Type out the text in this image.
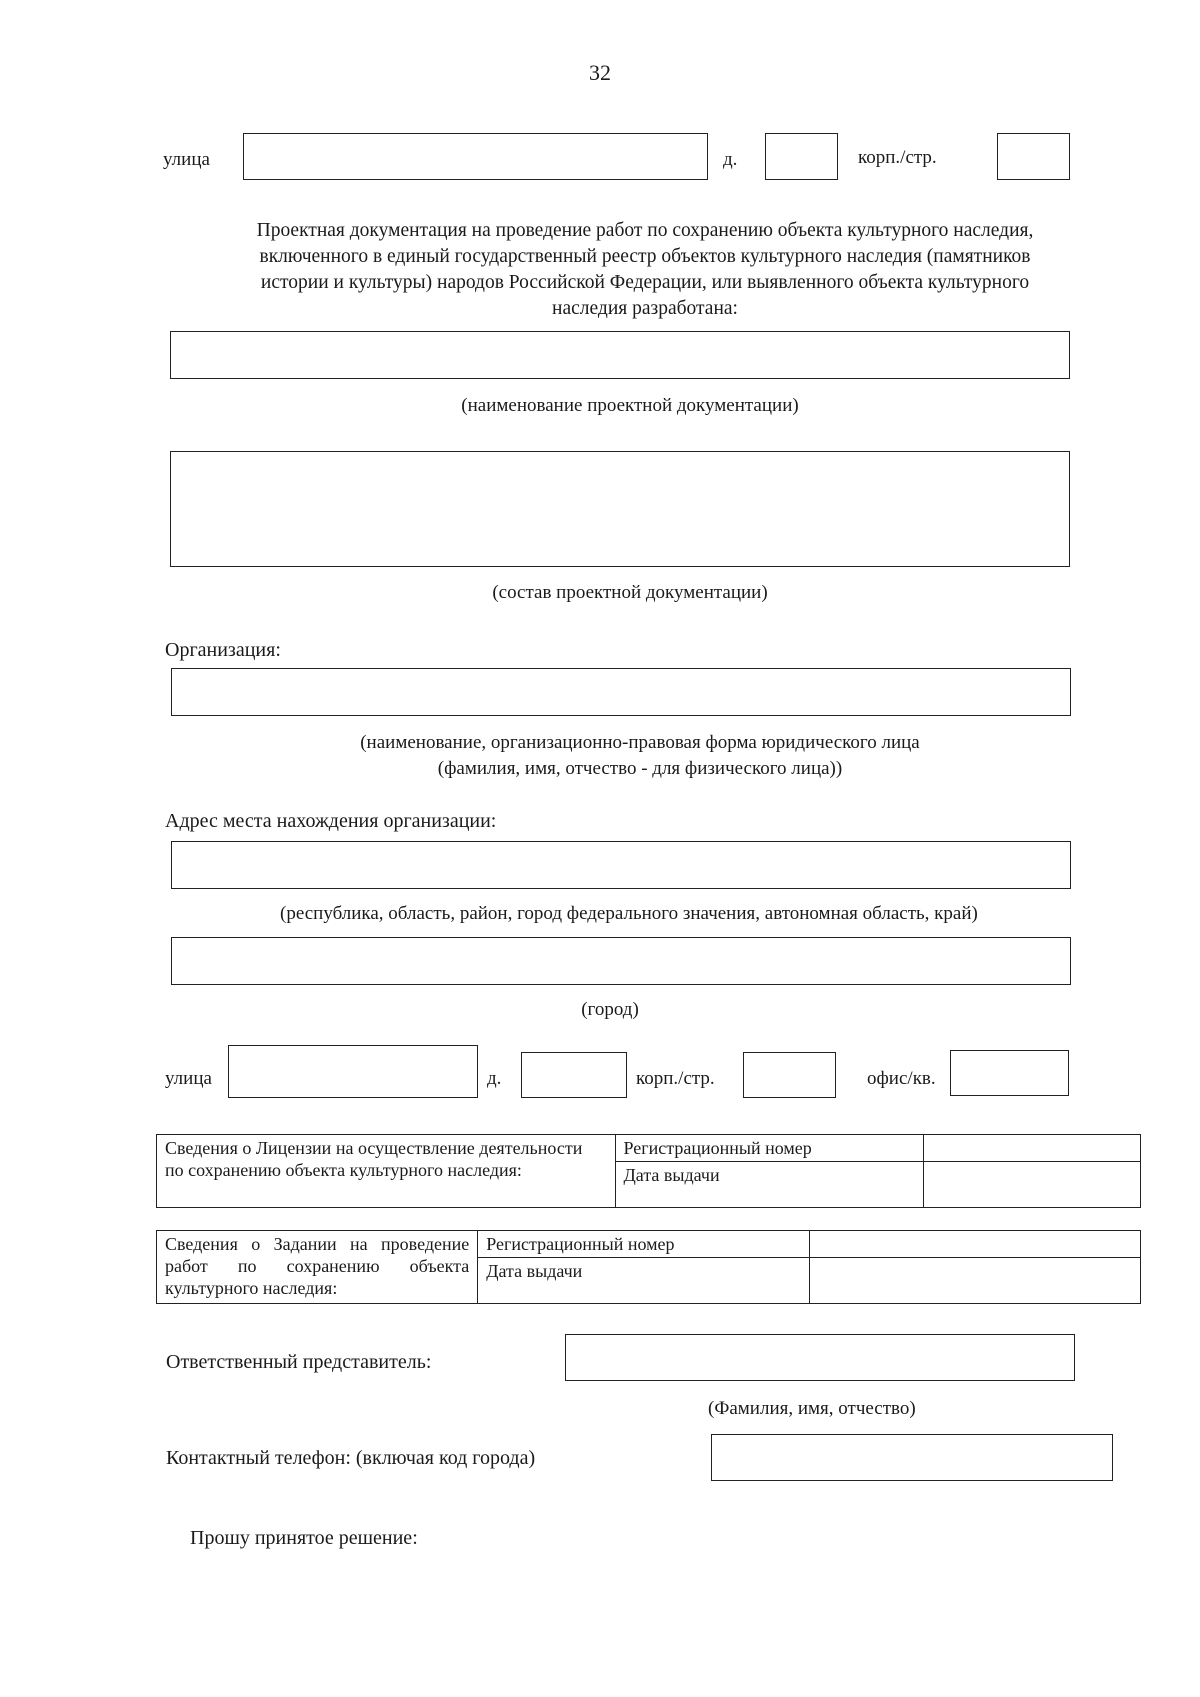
32
улица	д.	корп./стр.
Проектная документация на проведение работ по сохранению объекта культурного наследия, включенного в единый государственный реестр объектов культурного наследия (памятников истории и культуры) народов Российской Федерации, или выявленного объекта культурного наследия разработана:
(наименование проектной документации)
(состав проектной документации)
Организация:
(наименование, организационно-правовая форма юридического лица
(фамилия, имя, отчество - для физического лица))
Адрес места нахождения организации:
(республика, область, район, город федерального значения, автономная область, край)
(город)
улица	д.	корп./стр.	офис/кв.
Сведения о Лицензии на осуществление деятельности по сохранению объекта культурного наследия:	Регистрационный номер	
	Дата выдачи	
Сведения о Задании на проведение работ по сохранению объекта культурного наследия:	Регистрационный номер	
	Дата выдачи	
Ответственный представитель:
(Фамилия, имя, отчество)
Контактный телефон: (включая код города)
Прошу принятое решение:
